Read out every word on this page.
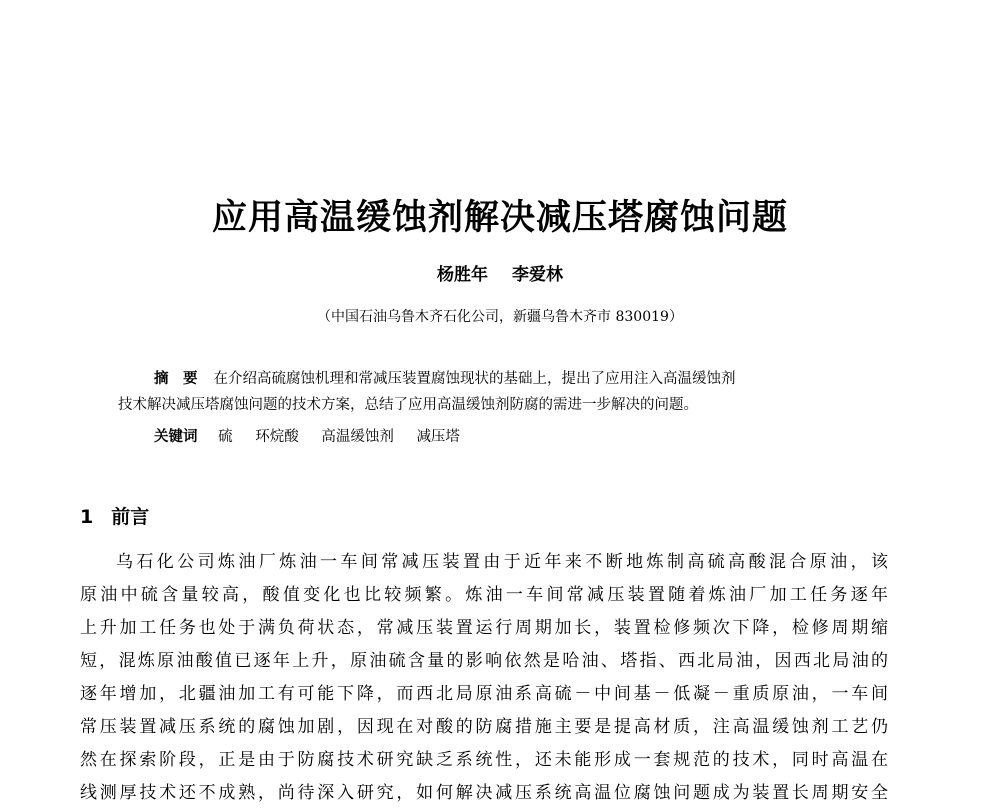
应用高温缓蚀剂解决减压塔腐蚀问题
杨胜年 李爱林
（中国石油乌鲁木齐石化公司，新疆乌鲁木齐市 830019）
摘　要 在介绍高硫腐蚀机理和常减压装置腐蚀现状的基础上，提出了应用注入高温缓蚀剂
技术解决减压塔腐蚀问题的技术方案，总结了应用高温缓蚀剂防腐的需进一步解决的问题。
关键词 硫 环烷酸 高温缓蚀剂 减压塔
1 前言
乌石化公司炼油厂炼油一车间常减压装置由于近年来不断地炼制高硫高酸混合原油，该
原油中硫含量较高，酸值变化也比较频繁。炼油一车间常减压装置随着炼油厂加工任务逐年
上升加工任务也处于满负荷状态，常减压装置运行周期加长，装置检修频次下降，检修周期缩
短，混炼原油酸值已逐年上升，原油硫含量的影响依然是哈油、塔指、西北局油，因西北局油的
逐年增加，北疆油加工有可能下降，而西北局原油系高硫－中间基－低凝－重质原油，一车间
常压装置减压系统的腐蚀加剧，因现在对酸的防腐措施主要是提高材质，注高温缓蚀剂工艺仍
然在探索阶段，正是由于防腐技术研究缺乏系统性，还未能形成一套规范的技术，同时高温在
线测厚技术还不成熟，尚待深入研究，如何解决减压系统高温位腐蚀问题成为装置长周期安全
